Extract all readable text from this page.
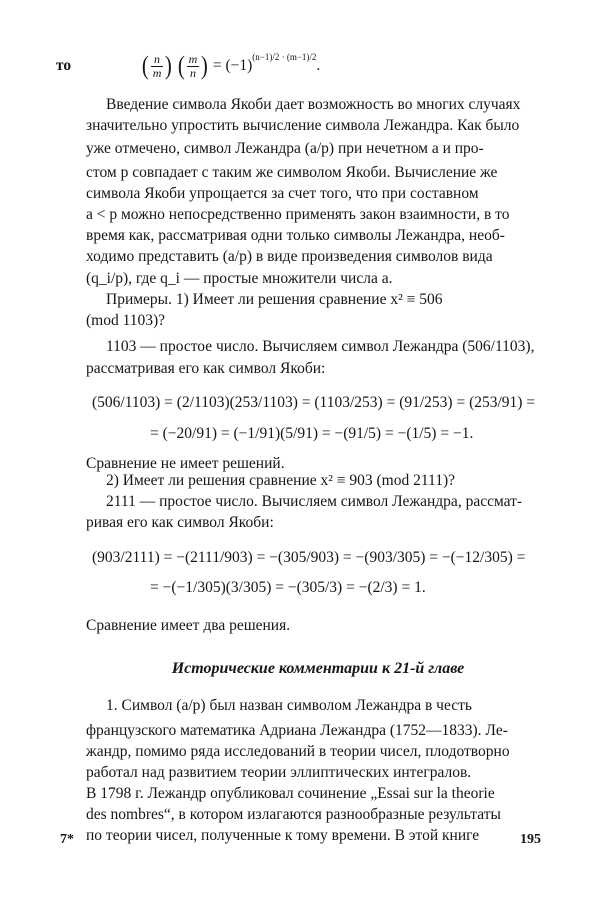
то	( $\frac{n}{m}$ ) ( $\frac{m}{n}$ ) = $(-1)^{(n-1)/2 \cdot (m-1)/2}$.
Введение символа Якоби дает возможность во многих случаях
значительно упростить вычисление символа Лежандра. Как было
уже отмечено, символ Лежандра (a/p) при нечетном a и про-
стом p совпадает с таким же символом Якоби. Вычисление же
символа Якоби упрощается за счет того, что при составном
a < p можно непосредственно применять закон взаимности, в то
время как, рассматривая одни только символы Лежандра, необ-
ходимо представить (a/p) в виде произведения символов вида
(q_i/p), где q_i — простые множители числа a.
Примеры. 1) Имеет ли решения сравнение x² ≡ 506
(mod 1103)?
1103 — простое число. Вычисляем символ Лежандра (506/1103),
рассматривая его как символ Якоби:
(506/1103) = (2/1103)(253/1103) = (1103/253) = (91/253) = (253/91) =
= (−20/91) = (−1/91)(5/91) = −(91/5) = −(1/5) = −1.
Сравнение не имеет решений.
2) Имеет ли решения сравнение x² ≡ 903 (mod 2111)?
2111 — простое число. Вычисляем символ Лежандра, рассмат-
ривая его как символ Якоби:
(903/2111) = −(2111/903) = −(305/903) = −(903/305) = −(−12/305) =
= −(−1/305)(3/305) = −(305/3) = −(2/3) = 1.
Сравнение имеет два решения.
Исторические комментарии к 21-й главе
1. Символ (a/p) был назван символом Лежандра в честь
французского математика Адриана Лежандра (1752—1833). Ле-
жандр, помимо ряда исследований в теории чисел, плодотворно
работал над развитием теории эллиптических интегралов.
В 1798 г. Лежандр опубликовал сочинение „Essai sur la theorie
des nombres“, в котором излагаются разнообразные результаты
по теории чисел, полученные к тому времени. В этой книге
7*	195
